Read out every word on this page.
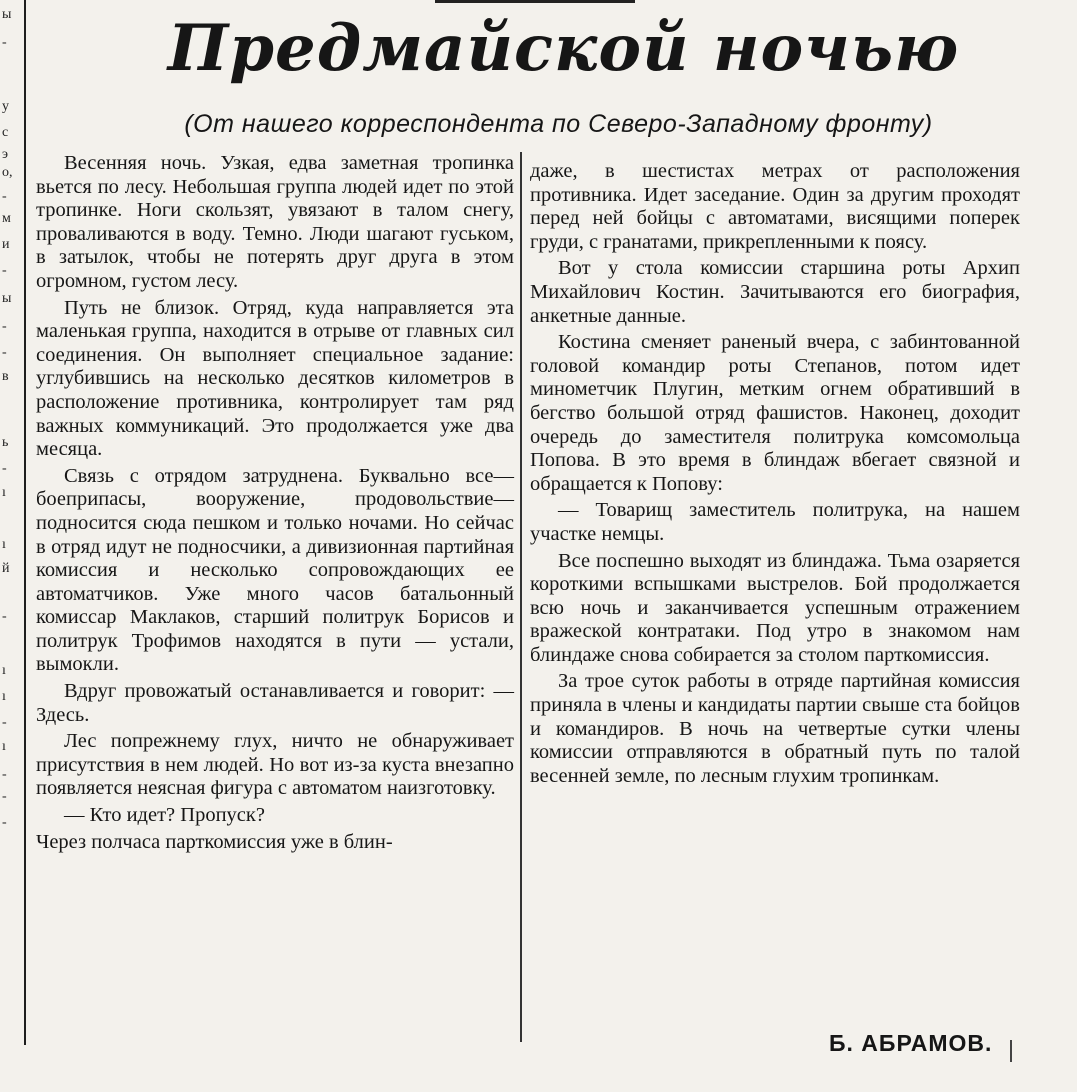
ы
-
у
с
э
о,
-
м
и
-
ы
-
-
в
ь
-
ı
ı
й
-
ı
ı
-
ı
-
-
-
Предмайской ночью
(От нашего корреспондента по Северо-Западному фронту)

Весенняя ночь. Узкая, едва заметная тропинка вьется по лесу. Небольшая группа людей идет по этой тропинке. Ноги скользят, увязают в талом снегу, проваливаются в воду. Темно. Люди шагают гуськом, в затылок, чтобы не потерять друг друга в этом огромном, густом лесу.

Путь не близок. Отряд, куда направляется эта маленькая группа, находится в отрыве от главных сил соединения. Он выполняет специальное задание: углубившись на несколько десятков километров в расположение противника, контролирует там ряд важных коммуникаций. Это продолжается уже два месяца.

Связь с отрядом затруднена. Буквально все—боеприпасы, вооружение, продовольствие—подносится сюда пешком и только ночами. Но сейчас в отряд идут не подносчики, а дивизионная партийная комиссия и несколько сопровождающих ее автоматчиков. Уже много часов батальонный комиссар Маклаков, старший политрук Борисов и политрук Трофимов находятся в пути — устали, вымокли.

Вдруг провожатый останавливается и говорит: — Здесь.

Лес попрежнему глух, ничто не обнаруживает присутствия в нем людей. Но вот из-за куста внезапно появляется неясная фигура с автоматом наизготовку.

— Кто идет? Пропуск?

Через полчаса парткомиссия уже в блин-

даже, в шестистах метрах от расположения противника. Идет заседание. Один за другим проходят перед ней бойцы с автоматами, висящими поперек груди, с гранатами, прикрепленными к поясу.

Вот у стола комиссии старшина роты Архип Михайлович Костин. Зачитываются его биография, анкетные данные.

Костина сменяет раненый вчера, с забинтованной головой командир роты Степанов, потом идет минометчик Плугин, метким огнем обративший в бегство большой отряд фашистов. Наконец, доходит очередь до заместителя политрука комсомольца Попова. В это время в блиндаж вбегает связной и обращается к Попову:

— Товарищ заместитель политрука, на нашем участке немцы.

Все поспешно выходят из блиндажа. Тьма озаряется короткими вспышками выстрелов. Бой продолжается всю ночь и заканчивается успешным отражением вражеской контратаки. Под утро в знакомом нам блиндаже снова собирается за столом парткомиссия.

За трое суток работы в отряде партийная комиссия приняла в члены и кандидаты партии свыше ста бойцов и командиров. В ночь на четвертые сутки члены комиссии отправляются в обратный путь по талой весенней земле, по лесным глухим тропинкам.

Б. АБРАМОВ.
